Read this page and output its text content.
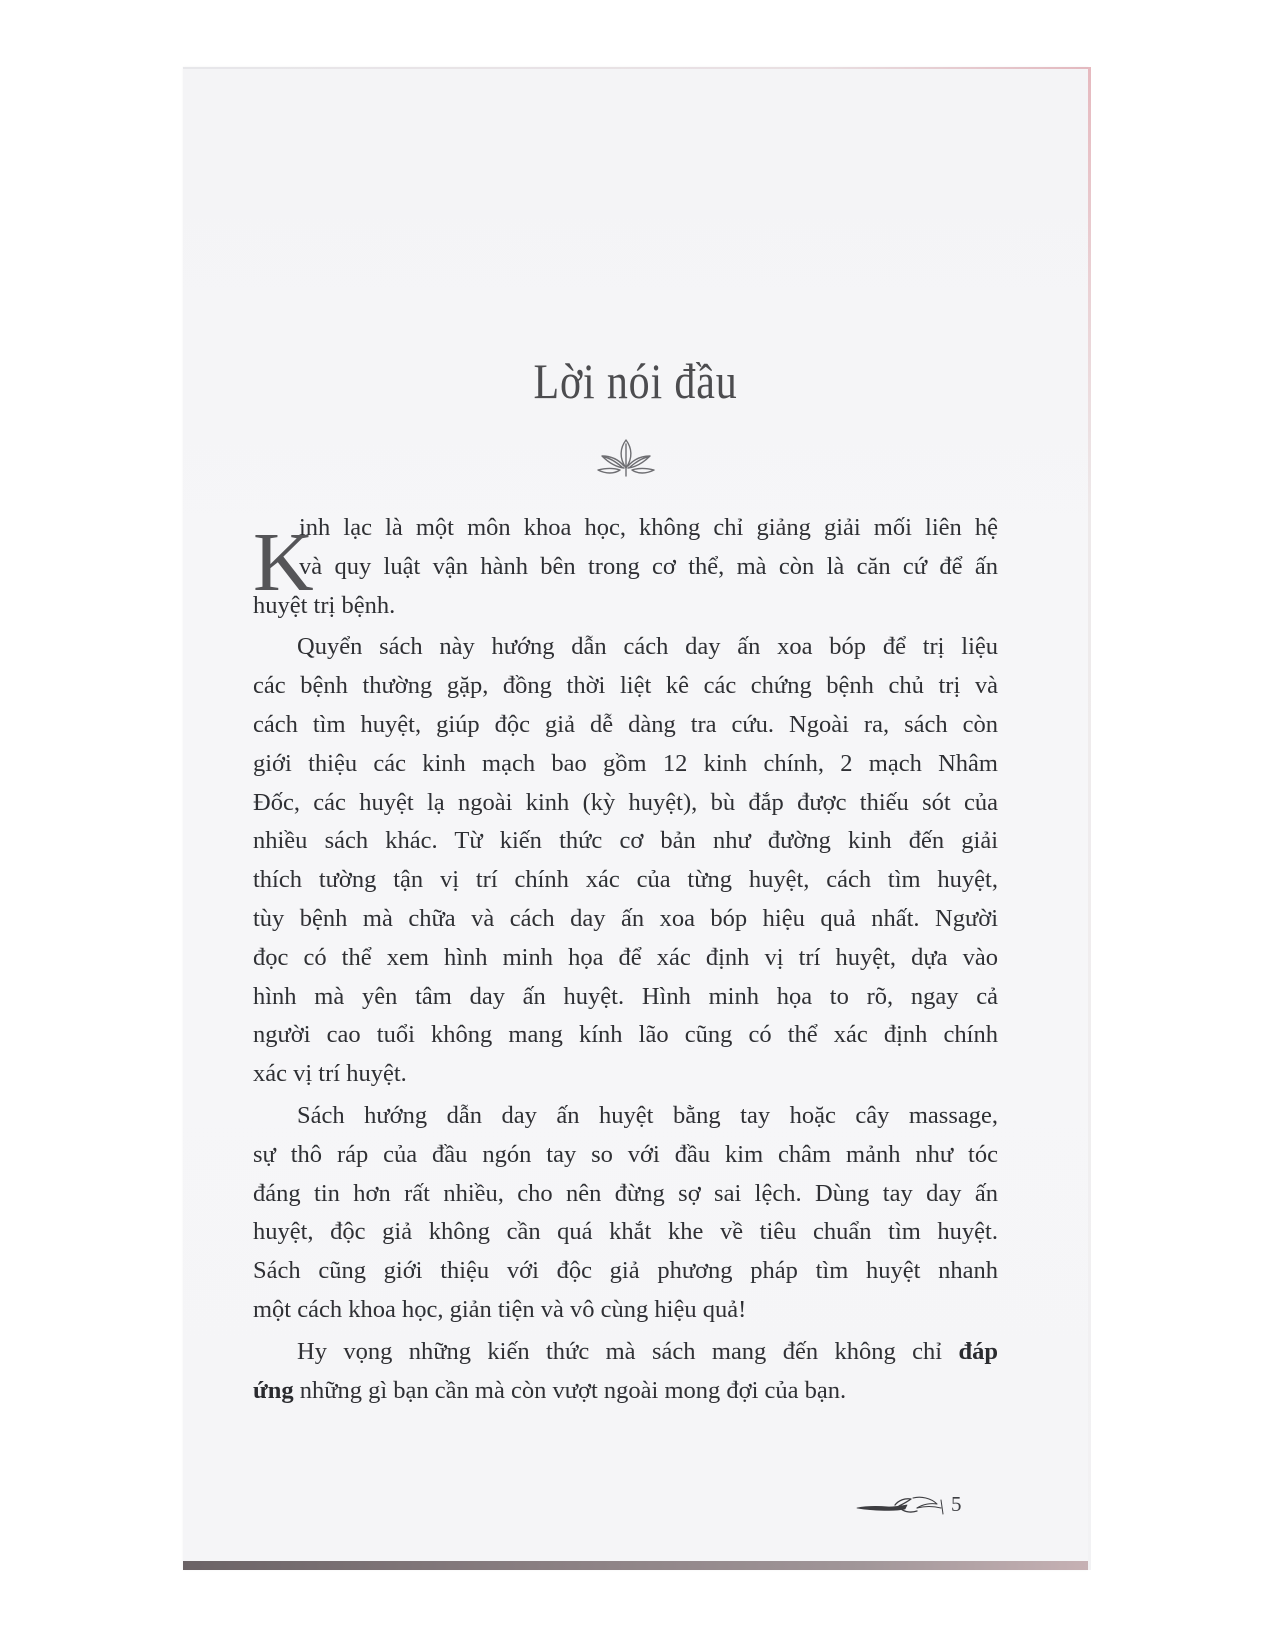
Lời nói đầu
K
inh lạc là một môn khoa học, không chỉ giảng giải mối liên hệ
và quy luật vận hành bên trong cơ thể, mà còn là căn cứ để ấn
huyệt trị bệnh.
Quyển sách này hướng dẫn cách day ấn xoa bóp để trị liệu
các bệnh thường gặp, đồng thời liệt kê các chứng bệnh chủ trị và
cách tìm huyệt, giúp độc giả dễ dàng tra cứu. Ngoài ra, sách còn
giới thiệu các kinh mạch bao gồm 12 kinh chính, 2 mạch Nhâm
Đốc, các huyệt lạ ngoài kinh (kỳ huyệt), bù đắp được thiếu sót của
nhiều sách khác. Từ kiến thức cơ bản như đường kinh đến giải
thích tường tận vị trí chính xác của từng huyệt, cách tìm huyệt,
tùy bệnh mà chữa và cách day ấn xoa bóp hiệu quả nhất. Người
đọc có thể xem hình minh họa để xác định vị trí huyệt, dựa vào
hình mà yên tâm day ấn huyệt. Hình minh họa to rõ, ngay cả
người cao tuổi không mang kính lão cũng có thể xác định chính
xác vị trí huyệt.
Sách hướng dẫn day ấn huyệt bằng tay hoặc cây massage,
sự thô ráp của đầu ngón tay so với đầu kim châm mảnh như tóc
đáng tin hơn rất nhiều, cho nên đừng sợ sai lệch. Dùng tay day ấn
huyệt, độc giả không cần quá khắt khe về tiêu chuẩn tìm huyệt.
Sách cũng giới thiệu với độc giả phương pháp tìm huyệt nhanh
một cách khoa học, giản tiện và vô cùng hiệu quả!
Hy vọng những kiến thức mà sách mang đến không chỉ đáp
ứng những gì bạn cần mà còn vượt ngoài mong đợi của bạn.
5
